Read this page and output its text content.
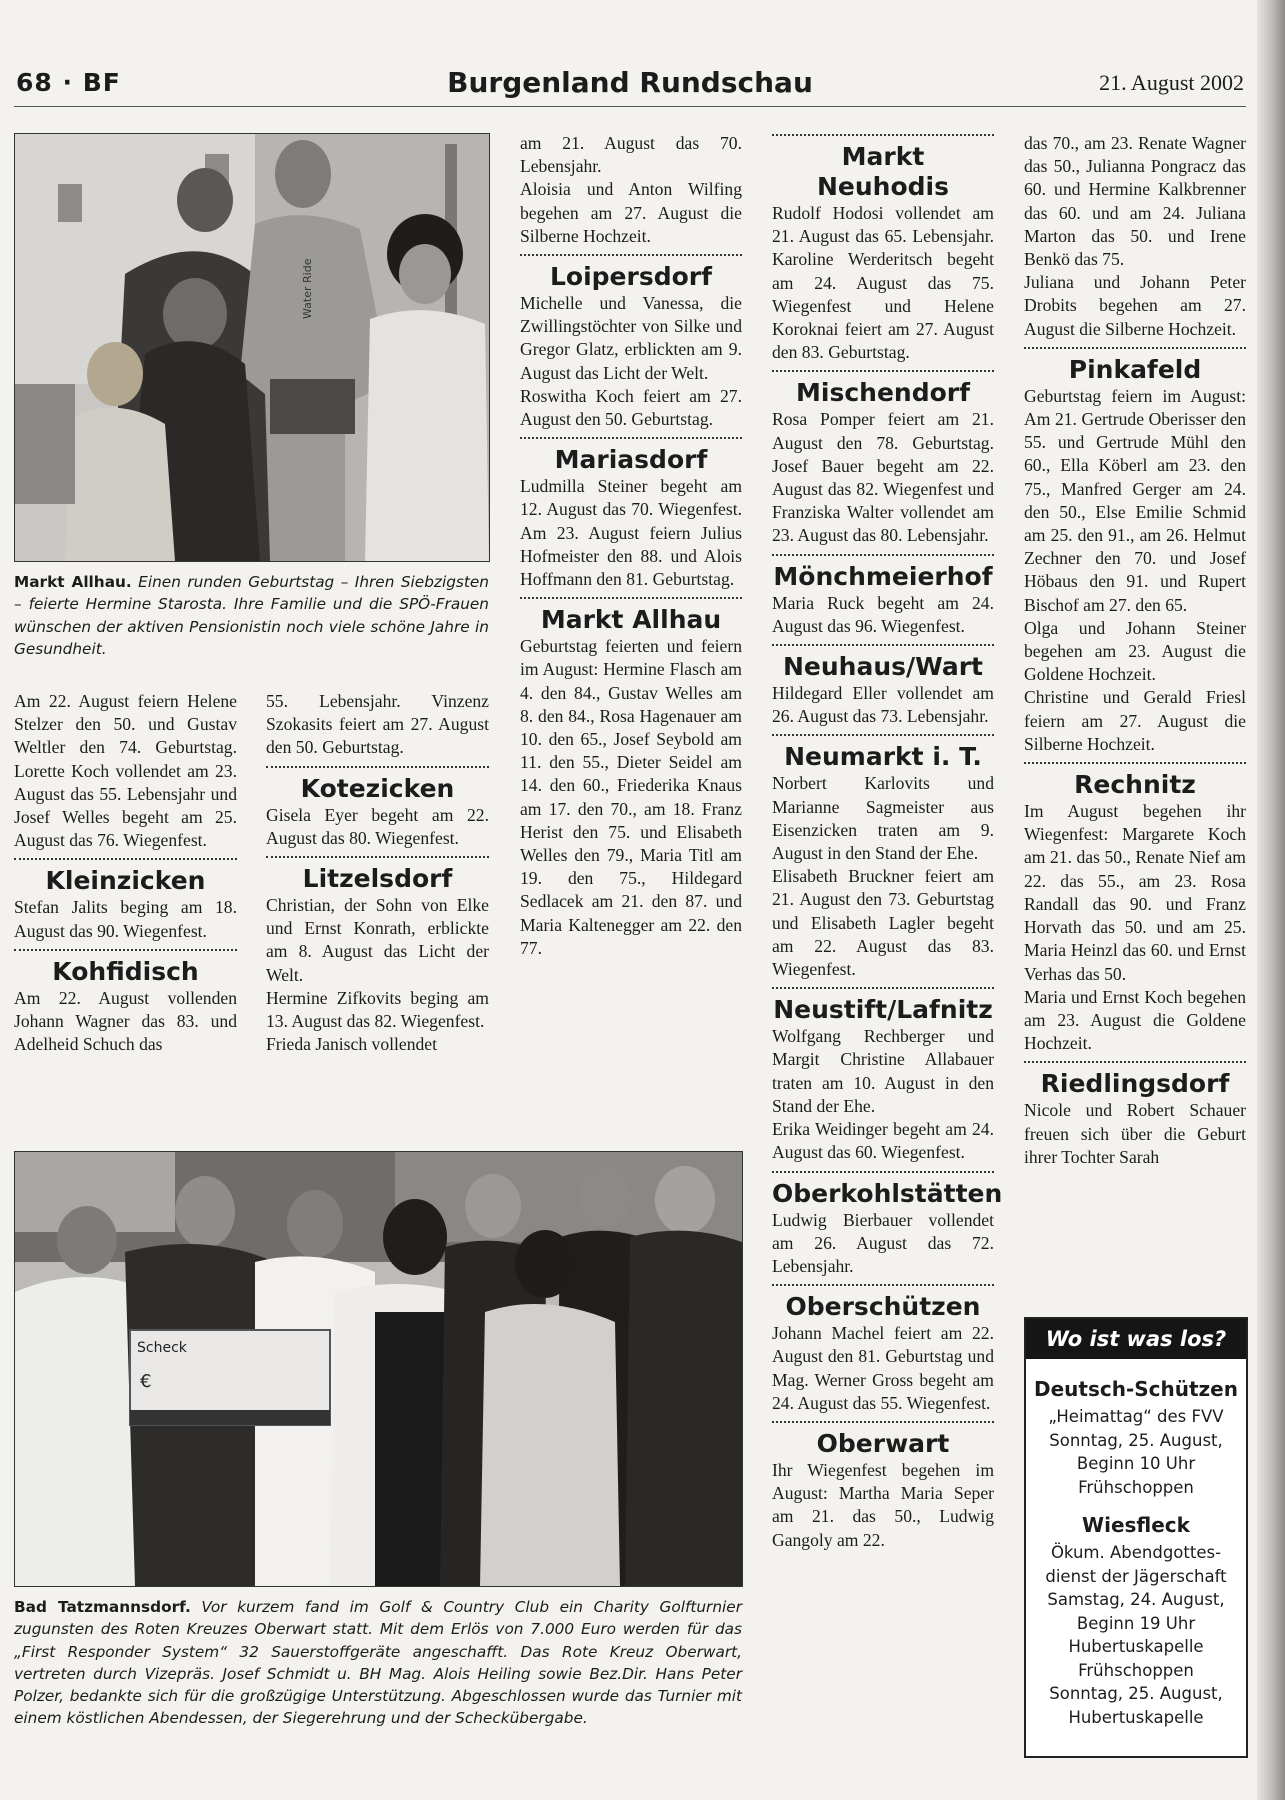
68 · BF	Burgenland Rundschau	21. August 2002
Water Ride
Markt Allhau. Einen runden Geburtstag – Ihren Siebzigsten – feierte Hermine Starosta. Ihre Familie und die SPÖ-Frauen wünschen der aktiven Pensionistin noch viele schöne Jahre in Gesundheit.

Am 22. August feiern Helene Stelzer den 50. und Gustav Weltler den 74. Geburtstag. Lorette Koch vollendet am 23. August das 55. Lebensjahr und Josef Welles begeht am 25. August das 76. Wiegenfest.

Kleinzicken

Stefan Jalits beging am 18. August das 90. Wiegenfest.

Kohfidisch

Am 22. August vollenden Johann Wagner das 83. und Adelheid Schuch das

55. Lebensjahr. Vinzenz Szokasits feiert am 27. August den 50. Geburtstag.

Kotezicken

Gisela Eyer begeht am 22. August das 80. Wiegenfest.

Litzelsdorf

Christian, der Sohn von Elke und Ernst Konrath, erblickte am 8. August das Licht der Welt.

Hermine Zifkovits beging am 13. August das 82. Wiegenfest.

Frieda Janisch vollendet

am 21. August das 70. Lebensjahr.

Aloisia und Anton Wilfing begehen am 27. August die Silberne Hochzeit.

Loipersdorf

Michelle und Vanessa, die Zwillingstöchter von Silke und Gregor Glatz, erblickten am 9. August das Licht der Welt.

Roswitha Koch feiert am 27. August den 50. Geburtstag.

Mariasdorf

Ludmilla Steiner begeht am 12. August das 70. Wiegenfest. Am 23. August feiern Julius Hofmeister den 88. und Alois Hoffmann den 81. Geburtstag.

Markt Allhau

Geburtstag feierten und feiern im August: Hermine Flasch am 4. den 84., Gustav Welles am 8. den 84., Rosa Hagenauer am 10. den 65., Josef Seybold am 11. den 55., Dieter Seidel am 14. den 60., Friederika Knaus am 17. den 70., am 18. Franz Herist den 75. und Elisabeth Welles den 79., Maria Titl am 19. den 75., Hildegard Sedlacek am 21. den 87. und Maria Kaltenegger am 22. den 77.

Markt Neuhodis

Rudolf Hodosi vollendet am 21. August das 65. Lebensjahr. Karoline Werderitsch begeht am 24. August das 75. Wiegenfest und Helene Koroknai feiert am 27. August den 83. Geburtstag.

Mischendorf

Rosa Pomper feiert am 21. August den 78. Geburtstag. Josef Bauer begeht am 22. August das 82. Wiegenfest und Franziska Walter vollendet am 23. August das 80. Lebensjahr.

Mönchmeierhof

Maria Ruck begeht am 24. August das 96. Wiegenfest.

Neuhaus/Wart

Hildegard Eller vollendet am 26. August das 73. Lebensjahr.

Neumarkt i. T.

Norbert Karlovits und Marianne Sagmeister aus Eisenzicken traten am 9. August in den Stand der Ehe.

Elisabeth Bruckner feiert am 21. August den 73. Geburtstag und Elisabeth Lagler begeht am 22. August das 83. Wiegenfest.

Neustift/Lafnitz

Wolfgang Rechberger und Margit Christine Allabauer traten am 10. August in den Stand der Ehe.

Erika Weidinger begeht am 24. August das 60. Wiegenfest.

Oberkohlstätten

Ludwig Bierbauer vollendet am 26. August das 72. Lebensjahr.

Oberschützen

Johann Machel feiert am 22. August den 81. Geburtstag und Mag. Werner Gross begeht am 24. August das 55. Wiegenfest.

Oberwart

Ihr Wiegenfest begehen im August: Martha Maria Seper am 21. das 50., Ludwig Gangoly am 22.

das 70., am 23. Renate Wagner das 50., Julianna Pongracz das 60. und Hermine Kalkbrenner das 60. und am 24. Juliana Marton das 50. und Irene Benkö das 75.

Juliana und Johann Peter Drobits begehen am 27. August die Silberne Hochzeit.

Pinkafeld

Geburtstag feiern im August: Am 21. Gertrude Oberisser den 55. und Gertrude Mühl den 60., Ella Köberl am 23. den 75., Manfred Gerger am 24. den 50., Else Emilie Schmid am 25. den 91., am 26. Helmut Zechner den 70. und Josef Höbaus den 91. und Rupert Bischof am 27. den 65.

Olga und Johann Steiner begehen am 23. August die Goldene Hochzeit.

Christine und Gerald Friesl feiern am 27. August die Silberne Hochzeit.

Rechnitz

Im August begehen ihr Wiegenfest: Margarete Koch am 21. das 50., Renate Nief am 22. das 55., am 23. Rosa Randall das 90. und Franz Horvath das 50. und am 25. Maria Heinzl das 60. und Ernst Verhas das 50.

Maria und Ernst Koch begehen am 23. August die Goldene Hochzeit.

Riedlingsdorf

Nicole und Robert Schauer freuen sich über die Geburt ihrer Tochter Sarah

Scheck
€
Bad Tatzmannsdorf. Vor kurzem fand im Golf & Country Club ein Charity Golfturnier zugunsten des Roten Kreuzes Oberwart statt. Mit dem Erlös von 7.000 Euro werden für das „First Responder System“ 32 Sauerstoffgeräte angeschafft. Das Rote Kreuz Oberwart, vertreten durch Vizepräs. Josef Schmidt u. BH Mag. Alois Heiling sowie Bez.Dir. Hans Peter Polzer, bedankte sich für die großzügige Unterstützung. Abgeschlossen wurde das Turnier mit einem köstlichen Abendessen, der Siegerehrung und der Scheckübergabe.
Wo ist was los?
Deutsch-Schützen
„Heimattag“ des FVV
Sonntag, 25. August,
Beginn 10 Uhr
Frühschoppen
Wiesfleck
Ökum. Abendgottes-
dienst der Jägerschaft
Samstag, 24. August,
Beginn 19 Uhr
Hubertuskapelle
Frühschoppen
Sonntag, 25. August,
Hubertuskapelle
